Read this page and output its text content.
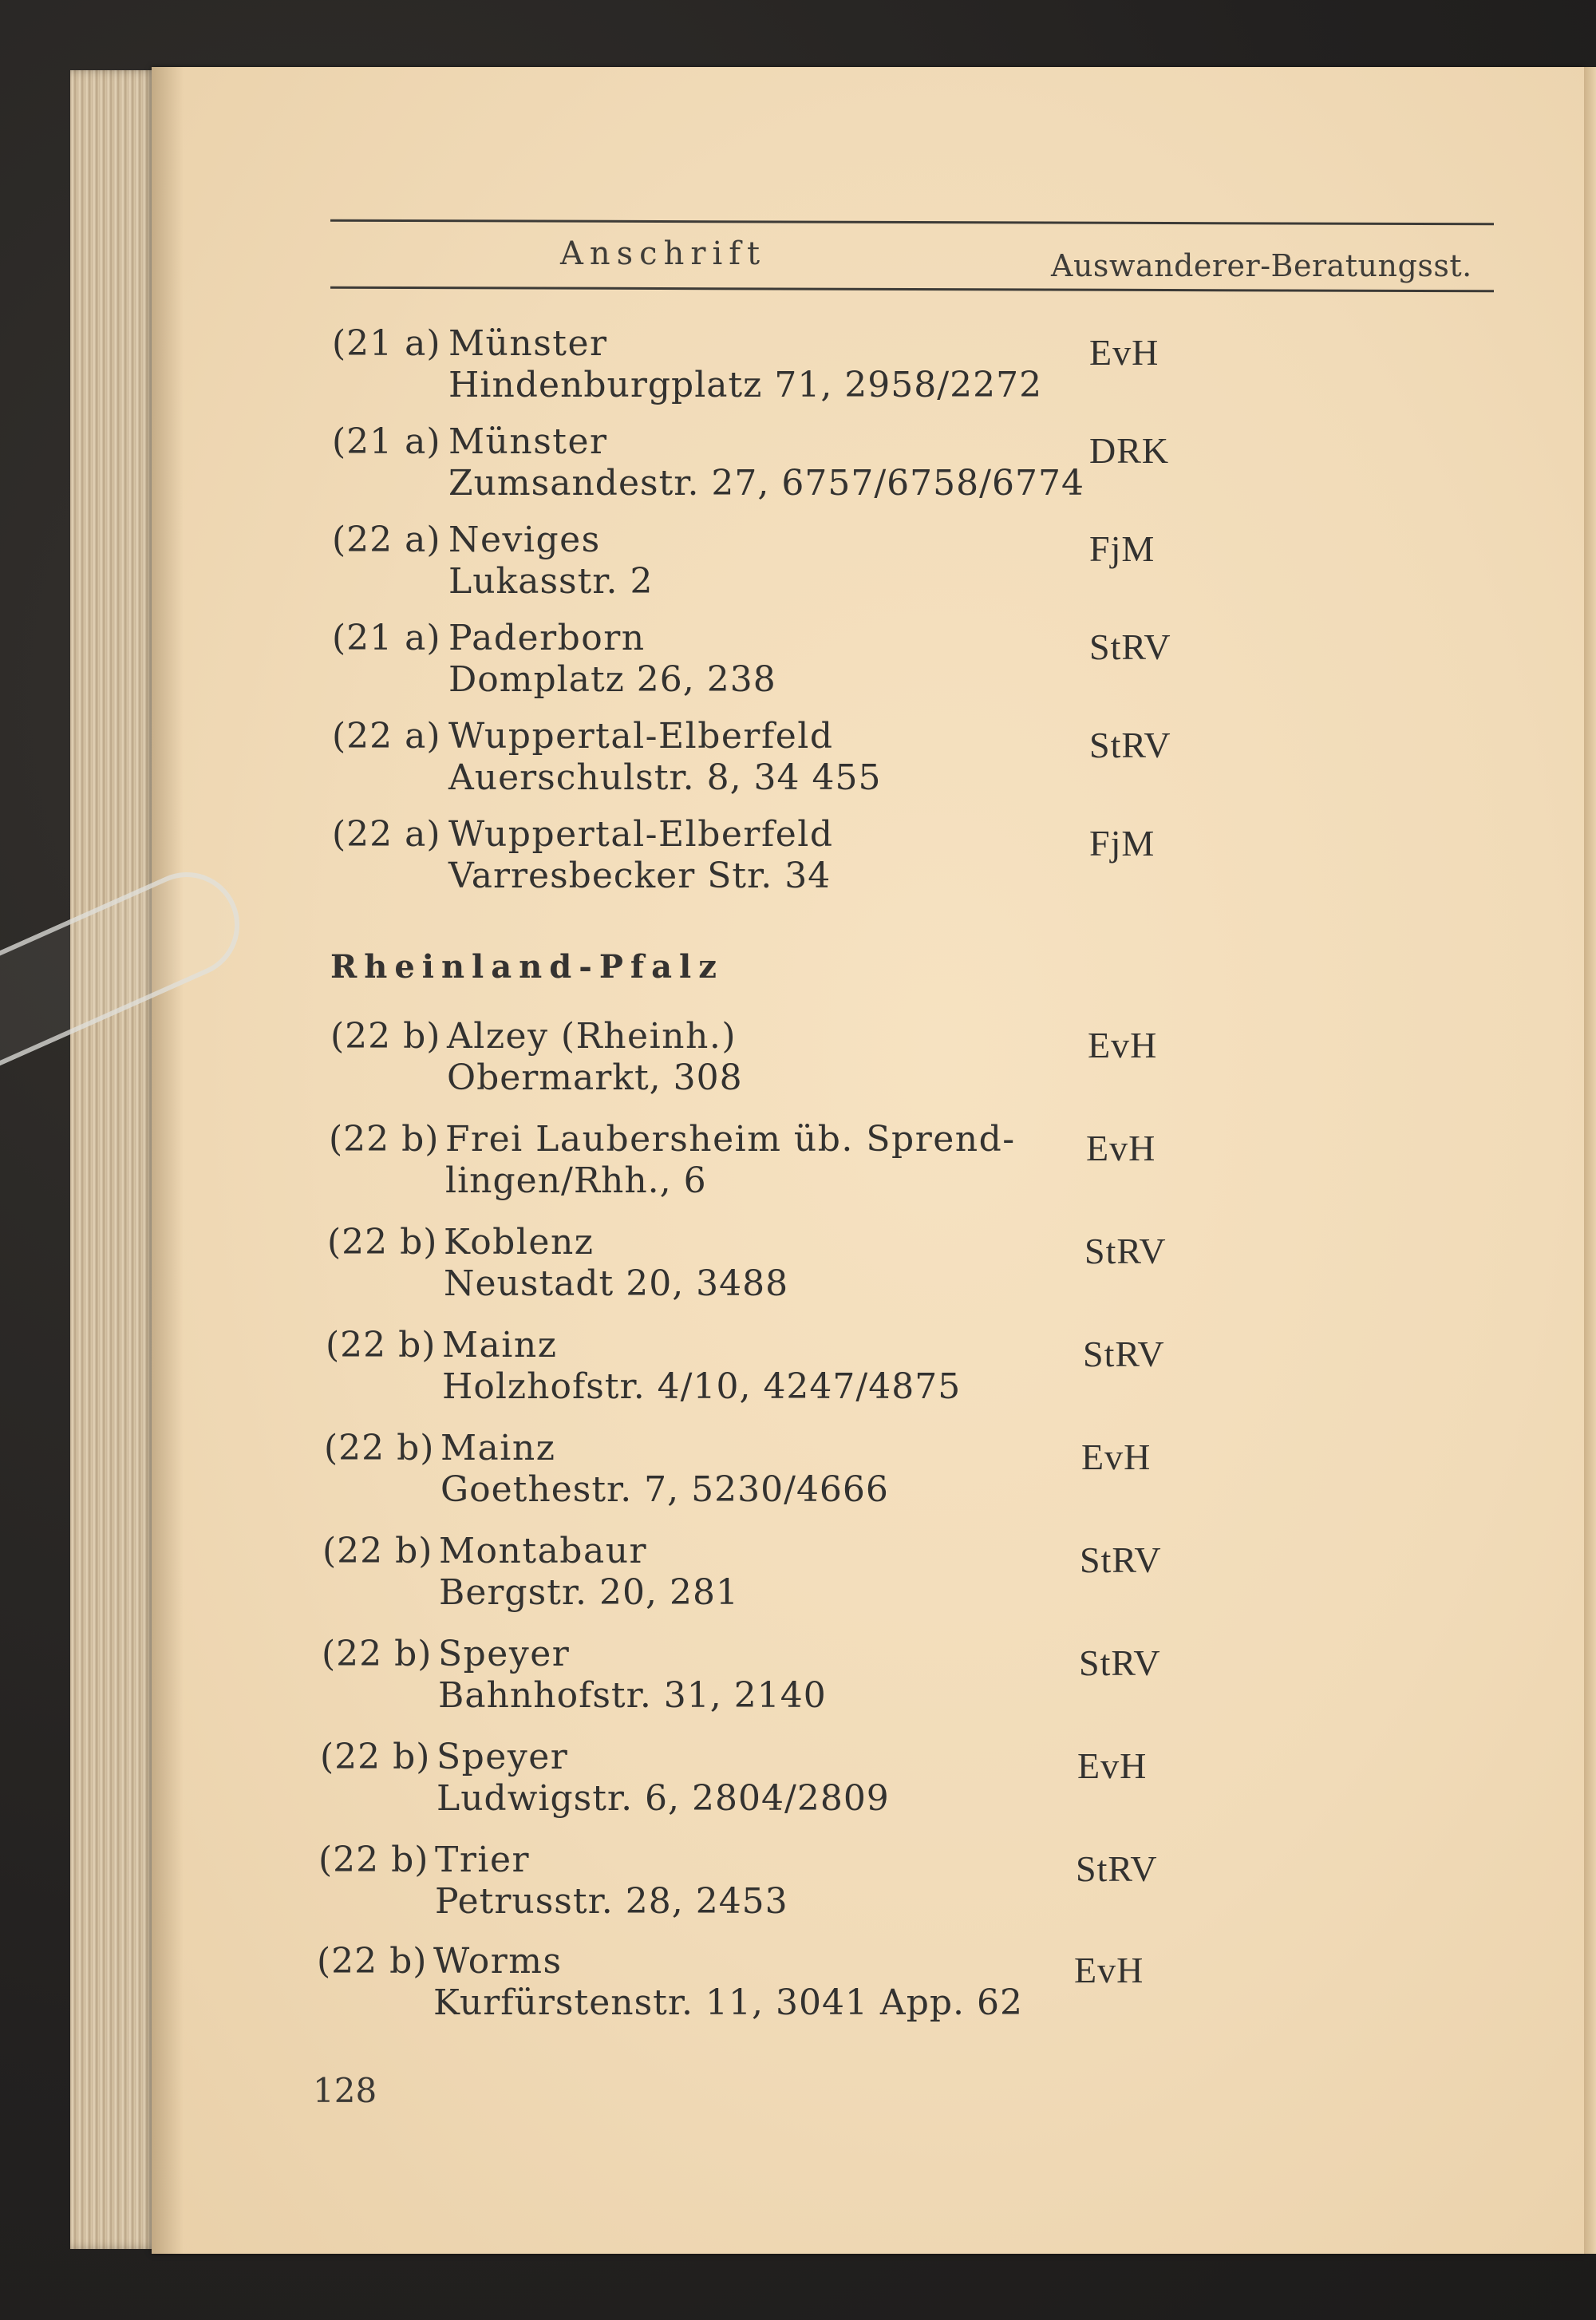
Anschrift	Auswanderer-Beratungsst.
(21 a) Münster
Hindenburgplatz 71, 2958/2272
EvH
(21 a) Münster
Zumsandestr. 27, 6757/6758/6774
DRK
(22 a) Neviges
Lukasstr. 2
FjM
(21 a) Paderborn
Domplatz 26, 238
StRV
(22 a) Wuppertal-Elberfeld
Auerschulstr. 8, 34 455
StRV
(22 a) Wuppertal-Elberfeld
Varresbecker Str. 34
FjM
Rheinland-Pfalz
(22 b) Alzey (Rheinh.)
Obermarkt, 308
EvH
(22 b) Frei Laubersheim üb. Sprend-
lingen/Rhh., 6
EvH
(22 b) Koblenz
Neustadt 20, 3488
StRV
(22 b) Mainz
Holzhofstr. 4/10, 4247/4875
StRV
(22 b) Mainz
Goethestr. 7, 5230/4666
EvH
(22 b) Montabaur
Bergstr. 20, 281
StRV
(22 b) Speyer
Bahnhofstr. 31, 2140
StRV
(22 b) Speyer
Ludwigstr. 6, 2804/2809
EvH
(22 b) Trier
Petrusstr. 28, 2453
StRV
(22 b) Worms
Kurfürstenstr. 11, 3041 App. 62
EvH
128
